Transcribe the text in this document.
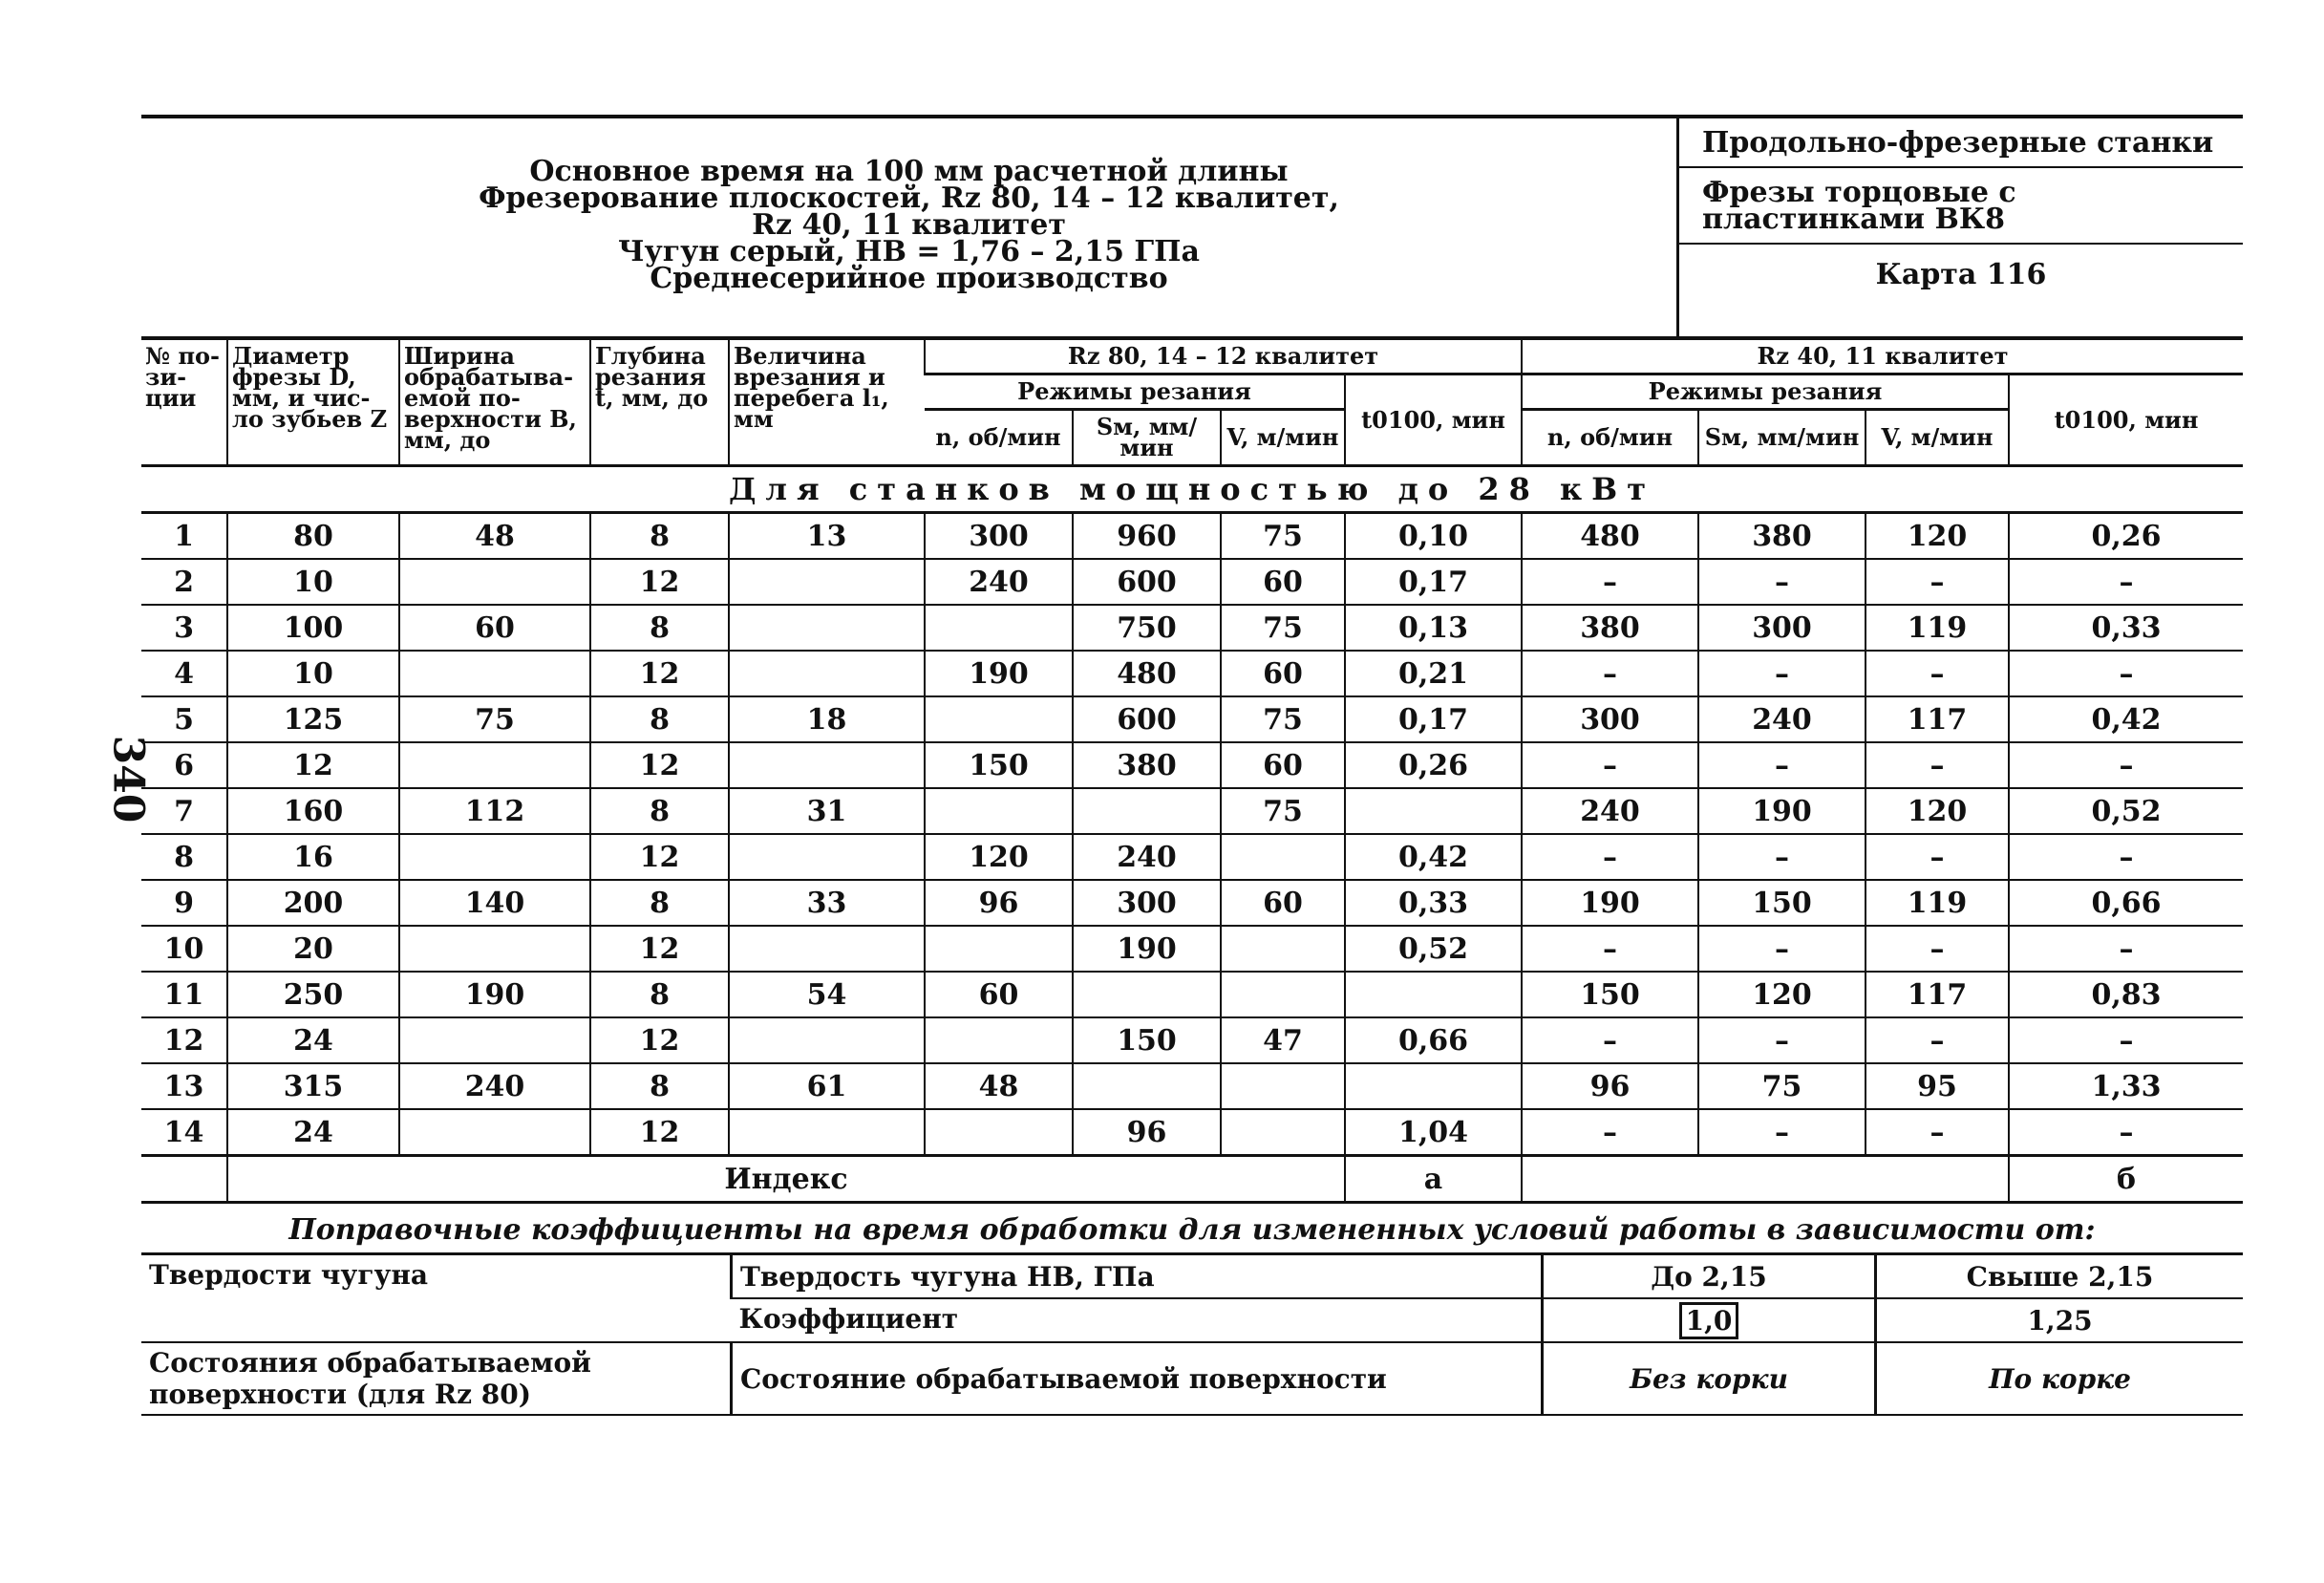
340
Основное время на 100 мм расчетной длины
Фрезерование плоскостей, Rz 80, 14 – 12 квалитет,
Rz 40, 11 квалитет
Чугун серый, HB = 1,76 – 2,15 ГПа
Среднесерийное производство
Продольно-фрезерные станки
Фрезы торцовые с пластинками ВК8
Карта 116
№ по- зи- ции	Диаметр фрезы D, мм, и чис- ло зубьев Z	Ширина обрабатыва- емой по- верхности B, мм, до	Глубина резания t, мм, до	Величина врезания и перебега l₁, мм	Rz 80, 14 – 12 квалитет				Rz 40, 11 квалитет			
					Режимы резания			t0100, мин	Режимы резания			t0100, мин
					n, об/мин	Sм, мм/мин	V, м/мин		n, об/мин	Sм, мм/мин	V, м/мин	
Для станков мощностью до 28 кВт												
1	80	48	8	13	300	960	75	0,10	480	380	120	0,26
2	10		12		240	600	60	0,17	–	–	–	–
3	100	60	8			750	75	0,13	380	300	119	0,33
4	10		12		190	480	60	0,21	–	–	–	–
5	125	75	8	18		600	75	0,17	300	240	117	0,42
6	12		12		150	380	60	0,26	–	–	–	–
7	160	112	8	31			75		240	190	120	0,52
8	16		12		120	240		0,42	–	–	–	–
9	200	140	8	33	96	300	60	0,33	190	150	119	0,66
10	20		12			190		0,52	–	–	–	–
11	250	190	8	54	60				150	120	117	0,83
12	24		12			150	47	0,66	–	–	–	–
13	315	240	8	61	48				96	75	95	1,33
14	24		12			96		1,04	–	–	–	–
	Индекс							а				б
Поправочные коэффициенты на время обработки для измененных условий работы в зависимости от:
Твердости чугуна	Твердость чугуна HB, ГПа	До 2,15	Свыше 2,15
	Коэффициент	1,0	1,25
Состояния обрабатываемой поверхности (для Rz 80)	Состояние обрабатываемой поверхности	Без корки	По корке
